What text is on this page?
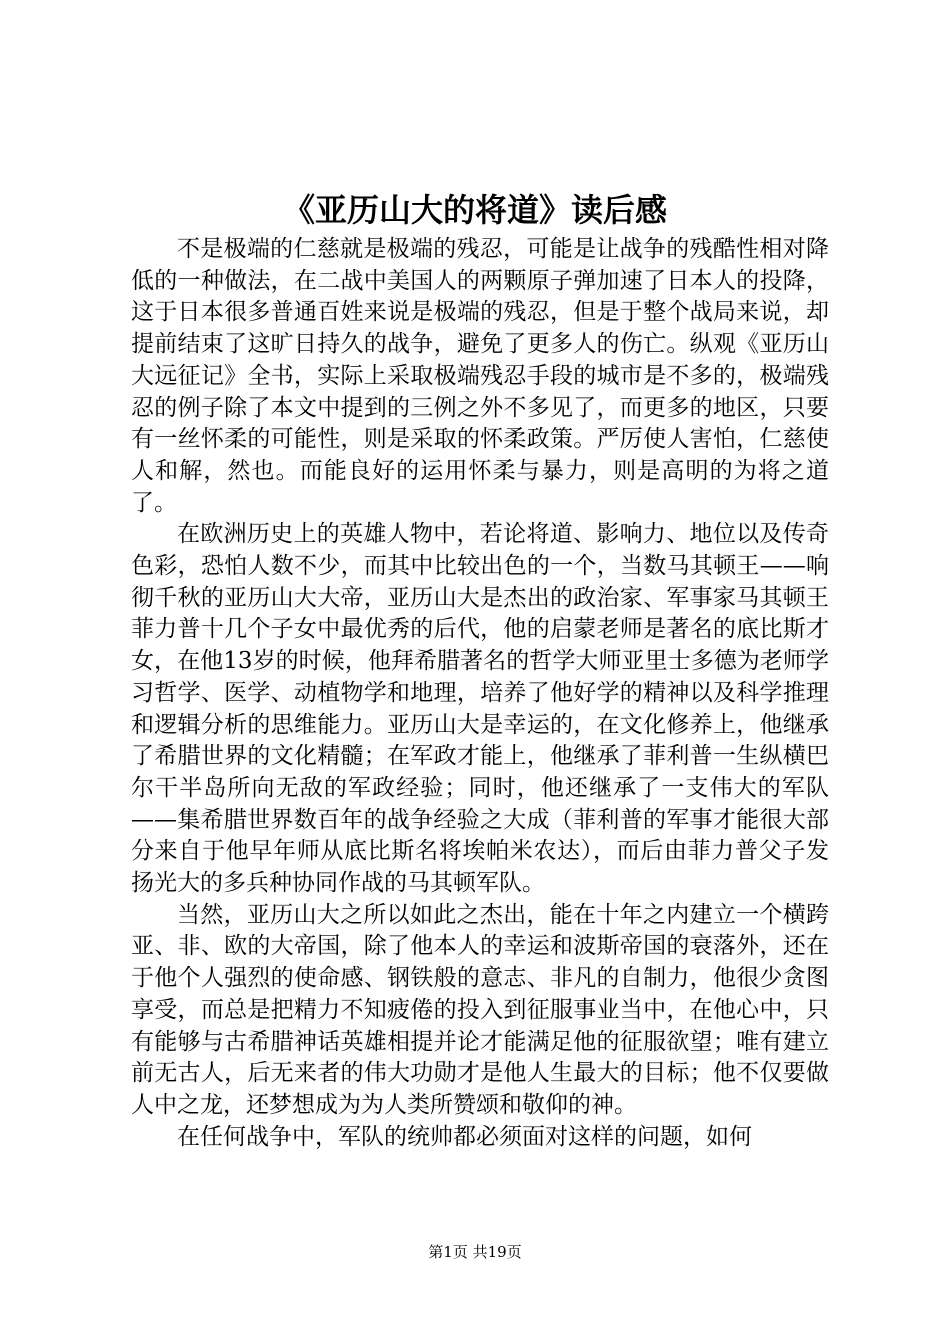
《亚历山大的将道》读后感

不是极端的仁慈就是极端的残忍，可能是让战争的残酷性相对降低的一种做法，在二战中美国人的两颗原子弹加速了日本人的投降，这于日本很多普通百姓来说是极端的残忍，但是于整个战局来说，却提前结束了这旷日持久的战争，避免了更多人的伤亡。纵观《亚历山大远征记》全书，实际上采取极端残忍手段的城市是不多的，极端残忍的例子除了本文中提到的三例之外不多见了，而更多的地区，只要有一丝怀柔的可能性，则是采取的怀柔政策。严厉使人害怕，仁慈使人和解，然也。而能良好的运用怀柔与暴力，则是高明的为将之道了。

在欧洲历史上的英雄人物中，若论将道、影响力、地位以及传奇色彩，恐怕人数不少，而其中比较出色的一个，当数马其顿王——响彻千秋的亚历山大大帝，亚历山大是杰出的政治家、军事家马其顿王菲力普十几个子女中最优秀的后代，他的启蒙老师是著名的底比斯才女，在他13岁的时候，他拜希腊著名的哲学大师亚里士多德为老师学习哲学、医学、动植物学和地理，培养了他好学的精神以及科学推理和逻辑分析的思维能力。亚历山大是幸运的，在文化修养上，他继承了希腊世界的文化精髓；在军政才能上，他继承了菲利普一生纵横巴尔干半岛所向无敌的军政经验；同时，他还继承了一支伟大的军队——集希腊世界数百年的战争经验之大成（菲利普的军事才能很大部分来自于他早年师从底比斯名将埃帕米农达），而后由菲力普父子发扬光大的多兵种协同作战的马其顿军队。

当然，亚历山大之所以如此之杰出，能在十年之内建立一个横跨亚、非、欧的大帝国，除了他本人的幸运和波斯帝国的衰落外，还在于他个人强烈的使命感、钢铁般的意志、非凡的自制力，他很少贪图享受，而总是把精力不知疲倦的投入到征服事业当中，在他心中，只有能够与古希腊神话英雄相提并论才能满足他的征服欲望；唯有建立前无古人，后无来者的伟大功勋才是他人生最大的目标；他不仅要做人中之龙，还梦想成为为人类所赞颂和敬仰的神。

在任何战争中，军队的统帅都必须面对这样的问题，如何

第1页 共19页
